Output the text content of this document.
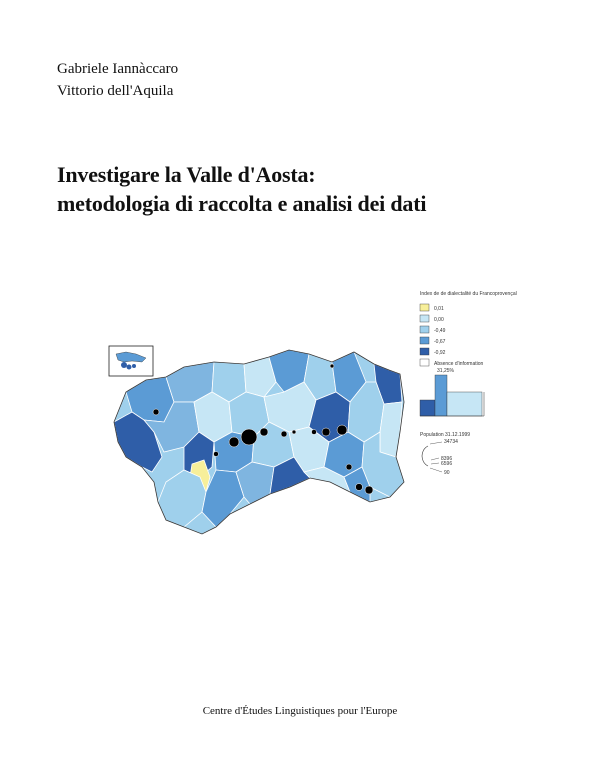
Gabriele Iannàccaro
Vittorio dell'Aquila
Investigare la Valle d'Aosta:
metodologia di raccolta e analisi dei dati
Index de de dialectalité du Francoprovençal
0,01
0,00
-0,49
-0,67
-0,92
Absence d'information
31,25%
Population 31.12.1999
34734
8396
6596
90
Centre d'Études Linguistiques pour l'Europe
